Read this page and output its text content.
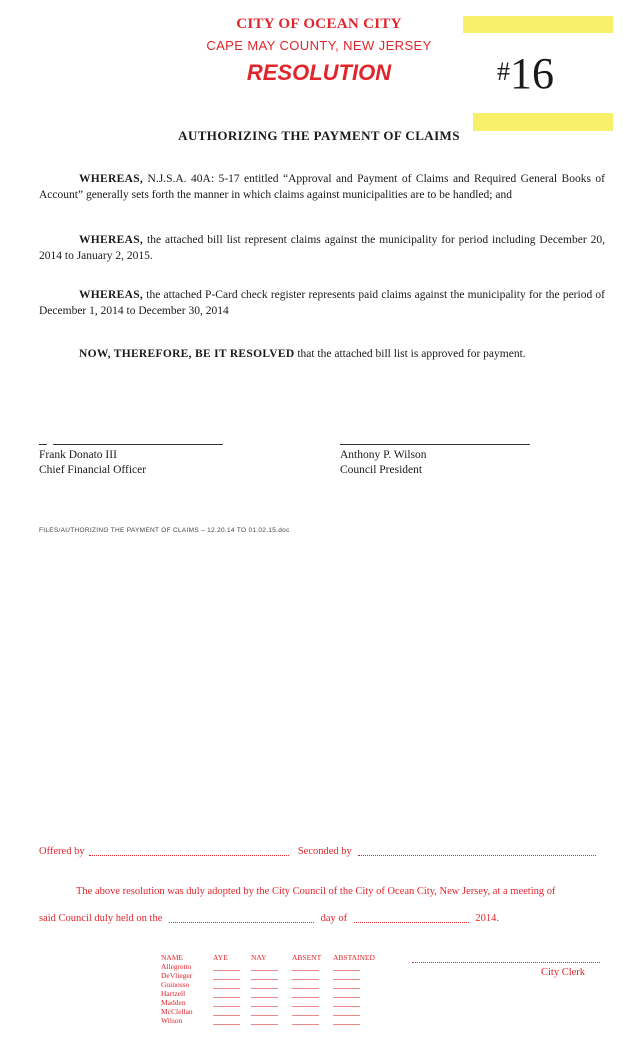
CITY OF OCEAN CITY
CAPE MAY COUNTY, NEW JERSEY
RESOLUTION	#16
AUTHORIZING THE PAYMENT OF CLAIMS
WHEREAS, N.J.S.A. 40A: 5-17 entitled “Approval and Payment of Claims and Required General Books of Account” generally sets forth the manner in which claims against municipalities are to be handled; and
WHEREAS, the attached bill list represent claims against the municipality for period including December 20, 2014 to January 2, 2015.
WHEREAS, the attached P-Card check register represents paid claims against the municipality for the period of December 1, 2014 to December 30, 2014
NOW, THEREFORE, BE IT RESOLVED that the attached bill list is approved for payment.
Frank Donato III
Chief Financial Officer
Anthony P. Wilson
Council President
FILES/AUTHORIZING THE PAYMENT OF CLAIMS – 12.20.14 TO 01.02.15.doc
Offered by	Seconded by
The above resolution was duly adopted by the City Council of the City of Ocean City, New Jersey, at a meeting of
said Council duly held on the	day of	2014.
NAME	AYE	NAY	ABSENT ABSTAINED
Allegretto
DeVlieger
Guinosso
Hartzell
Madden
McClellan
Wilson
City Clerk
